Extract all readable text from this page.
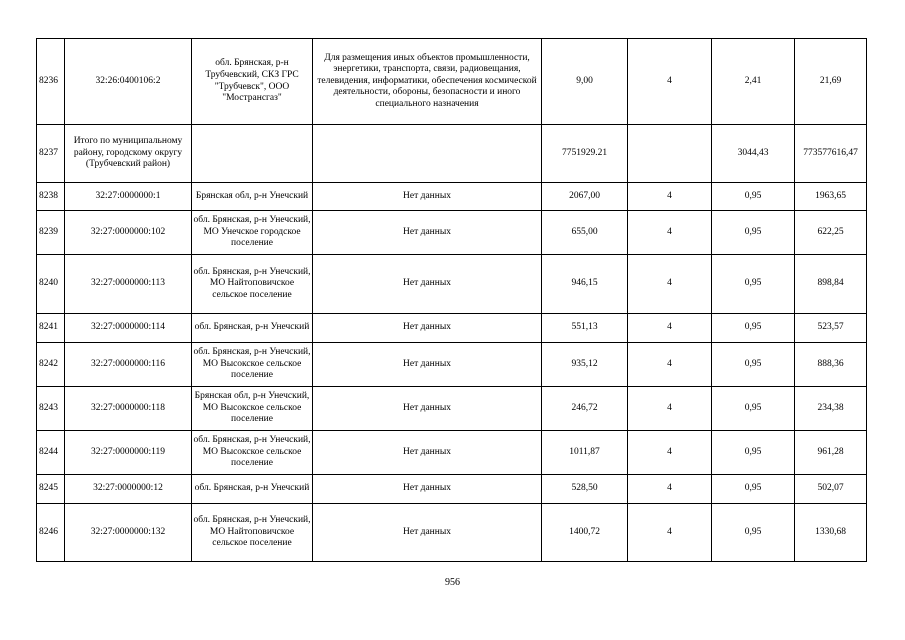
8236	32:26:0400106:2	обл. Брянская, р-н Трубчевский, СКЗ ГРС "Трубчевск", ООО "Мострансгаз"	Для размещения иных объектов промышленности, энергетики, транспорта, связи, радиовещания, телевидения, информатики, обеспечения космической деятельности, обороны, безопасности и иного специального назначения	9,00	4	2,41	21,69
8237	Итого по муниципальному району, городскому округу (Трубчевский район)			7751929.21		3044,43	773577616,47
8238	32:27:0000000:1	Брянская обл, р-н Унечский	Нет данных	2067,00	4	0,95	1963,65
8239	32:27:0000000:102	обл. Брянская, р-н Унечский, МО Унечское городское поселение	Нет данных	655,00	4	0,95	622,25
8240	32:27:0000000:113	обл. Брянская, р-н Унечский, МО Найтоповичское сельское поселение	Нет данных	946,15	4	0,95	898,84
8241	32:27:0000000:114	обл. Брянская, р-н Унечский	Нет данных	551,13	4	0,95	523,57
8242	32:27:0000000:116	обл. Брянская, р-н Унечский, МО Высокское сельское поселение	Нет данных	935,12	4	0,95	888,36
8243	32:27:0000000:118	Брянская обл, р-н Унечский, МО Высокское сельское поселение	Нет данных	246,72	4	0,95	234,38
8244	32:27:0000000:119	обл. Брянская, р-н Унечский, МО Высокское сельское поселение	Нет данных	1011,87	4	0,95	961,28
8245	32:27:0000000:12	обл. Брянская, р-н Унечский	Нет данных	528,50	4	0,95	502,07
8246	32:27:0000000:132	обл. Брянская, р-н Унечский, МО Найтоповичское сельское поселение	Нет данных	1400,72	4	0,95	1330,68
956
